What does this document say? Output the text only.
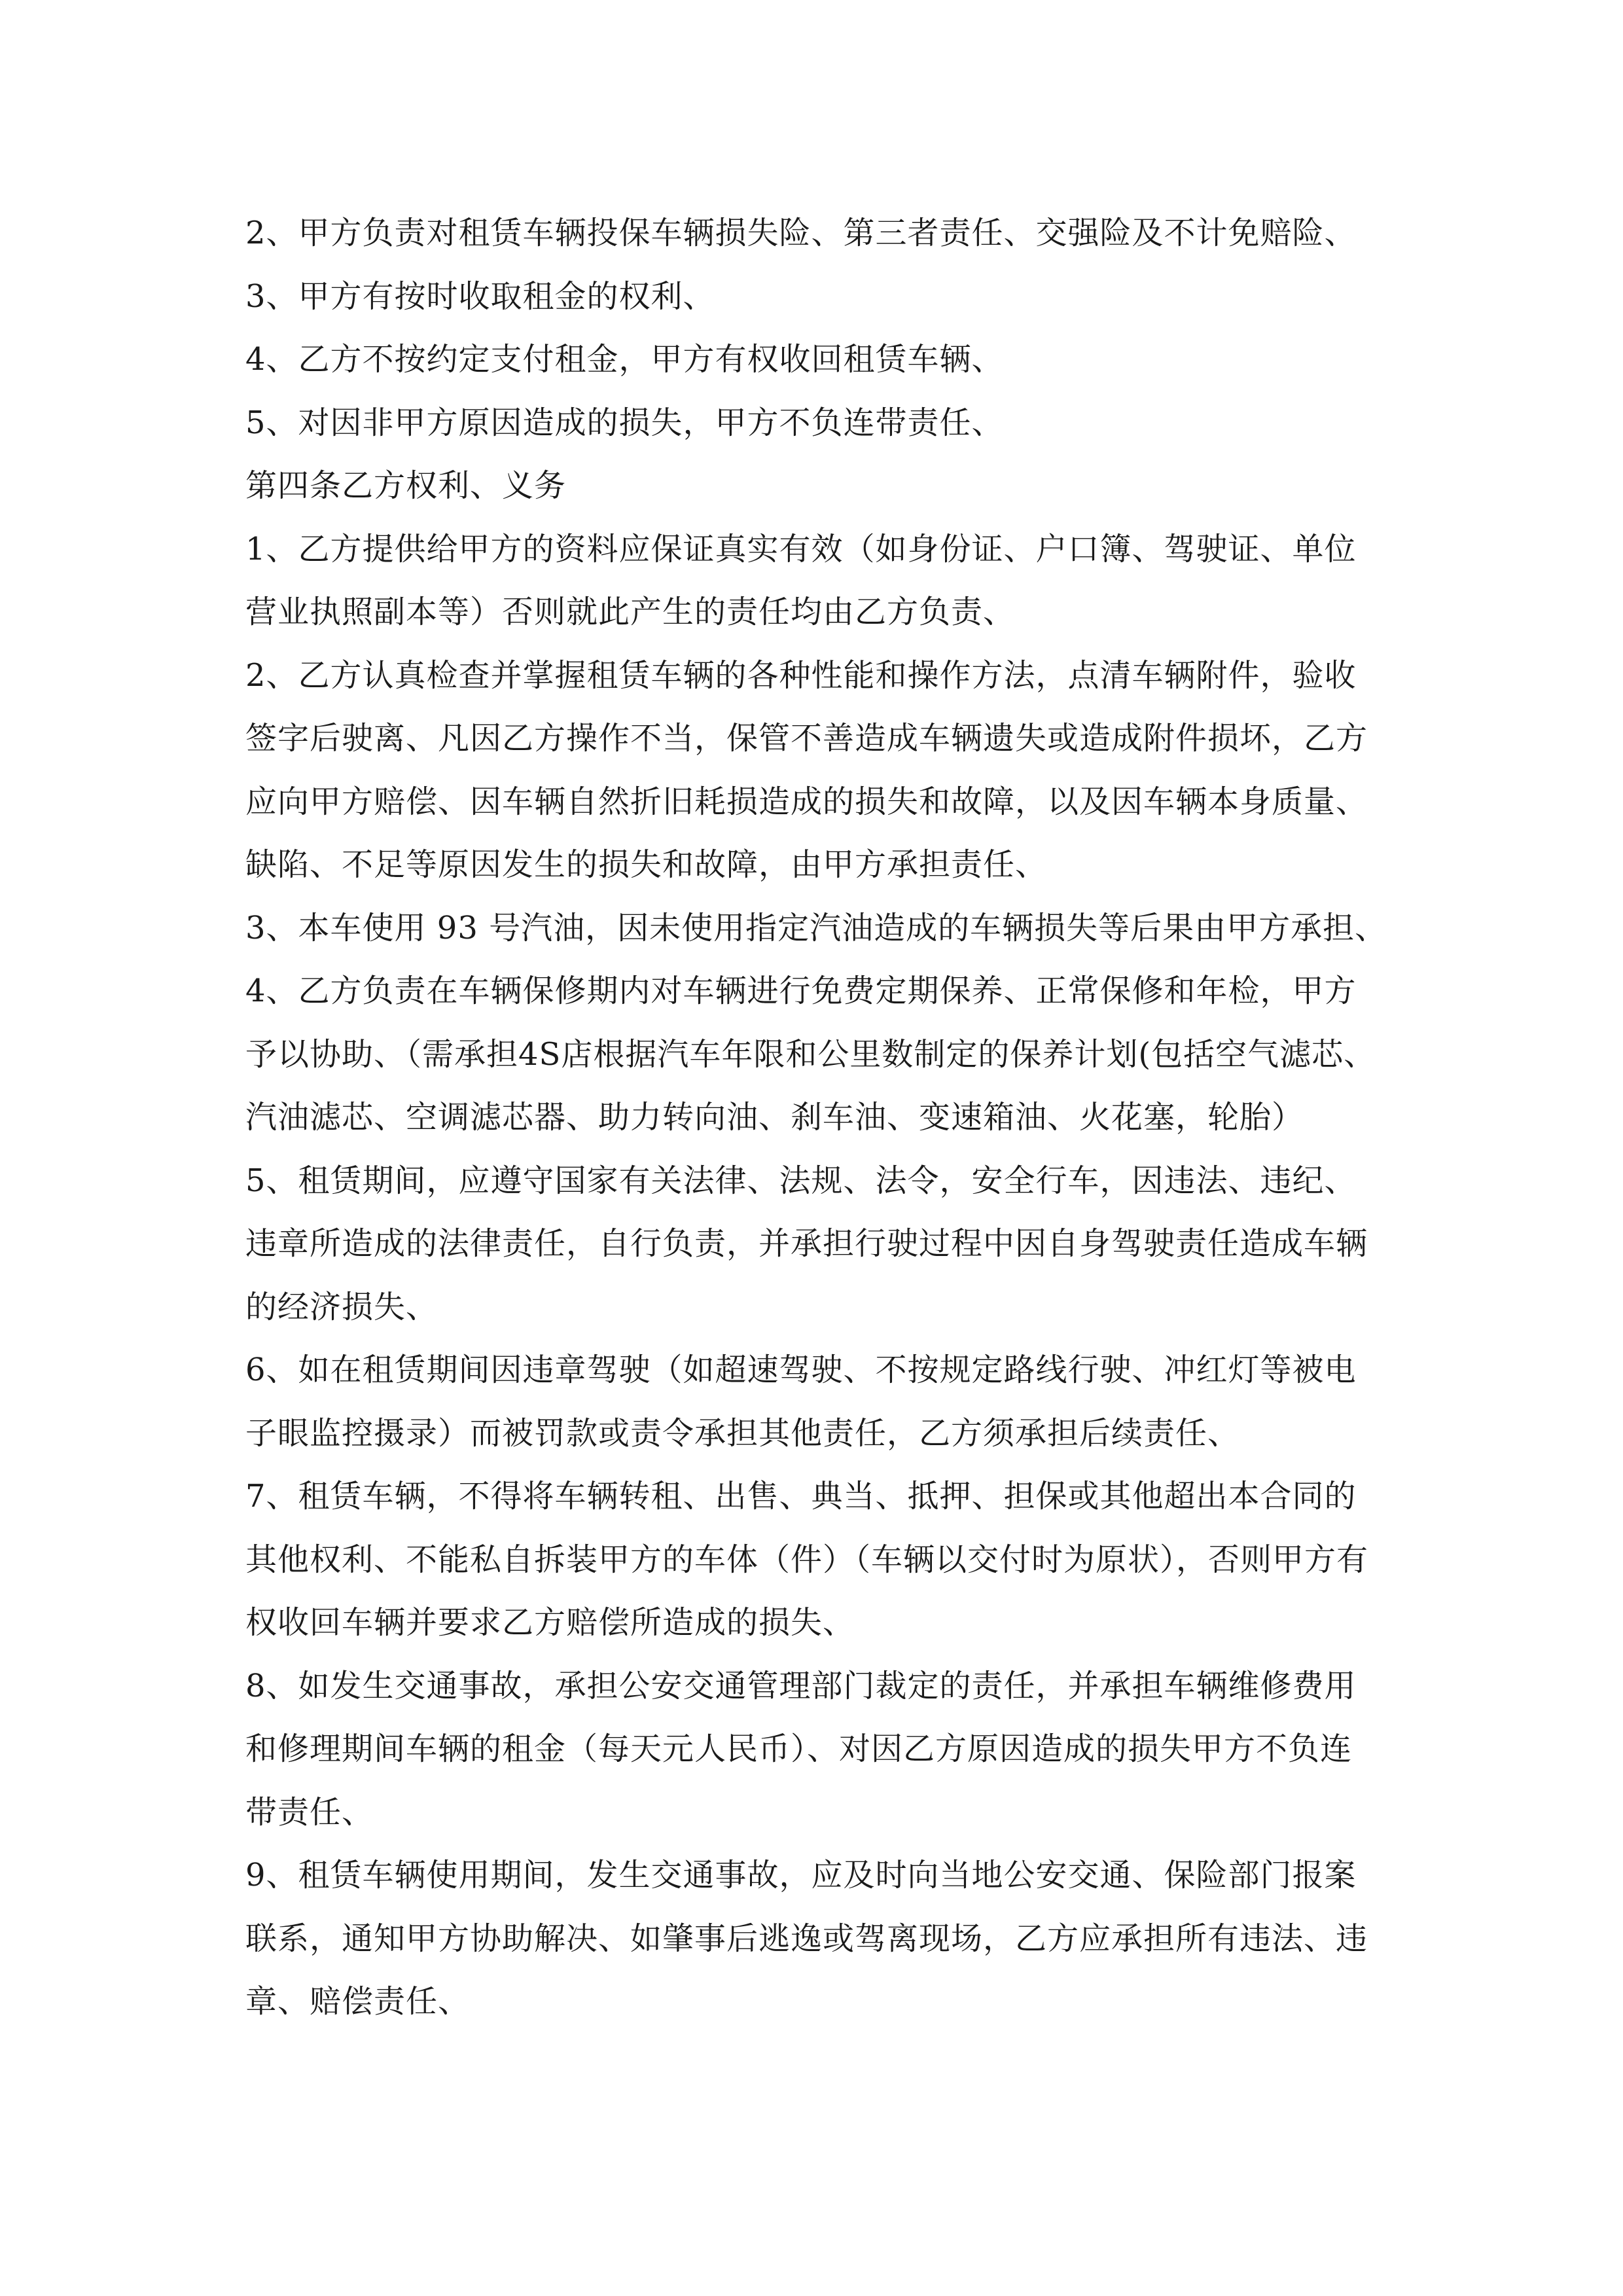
2、甲方负责对租赁车辆投保车辆损失险、第三者责任、交强险及不计免赔险、
3、甲方有按时收取租金的权利、
4、乙方不按约定支付租金，甲方有权收回租赁车辆、
5、对因非甲方原因造成的损失，甲方不负连带责任、
第四条乙方权利、义务
1、乙方提供给甲方的资料应保证真实有效（如身份证、户口簿、驾驶证、单位
营业执照副本等）否则就此产生的责任均由乙方负责、
2、乙方认真检查并掌握租赁车辆的各种性能和操作方法，点清车辆附件，验收
签字后驶离、凡因乙方操作不当，保管不善造成车辆遗失或造成附件损坏，乙方
应向甲方赔偿、因车辆自然折旧耗损造成的损失和故障，以及因车辆本身质量、
缺陷、不足等原因发生的损失和故障，由甲方承担责任、
3、本车使用 93 号汽油，因未使用指定汽油造成的车辆损失等后果由甲方承担、
4、乙方负责在车辆保修期内对车辆进行免费定期保养、正常保修和年检，甲方
予以协助、（需承担4S店根据汽车年限和公里数制定的保养计划(包括空气滤芯、
汽油滤芯、空调滤芯器、助力转向油、刹车油、变速箱油、火花塞，轮胎）
5、租赁期间，应遵守国家有关法律、法规、法令，安全行车，因违法、违纪、
违章所造成的法律责任，自行负责，并承担行驶过程中因自身驾驶责任造成车辆
的经济损失、
6、如在租赁期间因违章驾驶（如超速驾驶、不按规定路线行驶、冲红灯等被电
子眼监控摄录）而被罚款或责令承担其他责任，乙方须承担后续责任、
7、租赁车辆，不得将车辆转租、出售、典当、抵押、担保或其他超出本合同的
其他权利、不能私自拆装甲方的车体（件）（车辆以交付时为原状），否则甲方有
权收回车辆并要求乙方赔偿所造成的损失、
8、如发生交通事故，承担公安交通管理部门裁定的责任，并承担车辆维修费用
和修理期间车辆的租金（每天元人民币）、对因乙方原因造成的损失甲方不负连
带责任、
9、租赁车辆使用期间，发生交通事故，应及时向当地公安交通、保险部门报案
联系，通知甲方协助解决、如肇事后逃逸或驾离现场，乙方应承担所有违法、违
章、赔偿责任、
